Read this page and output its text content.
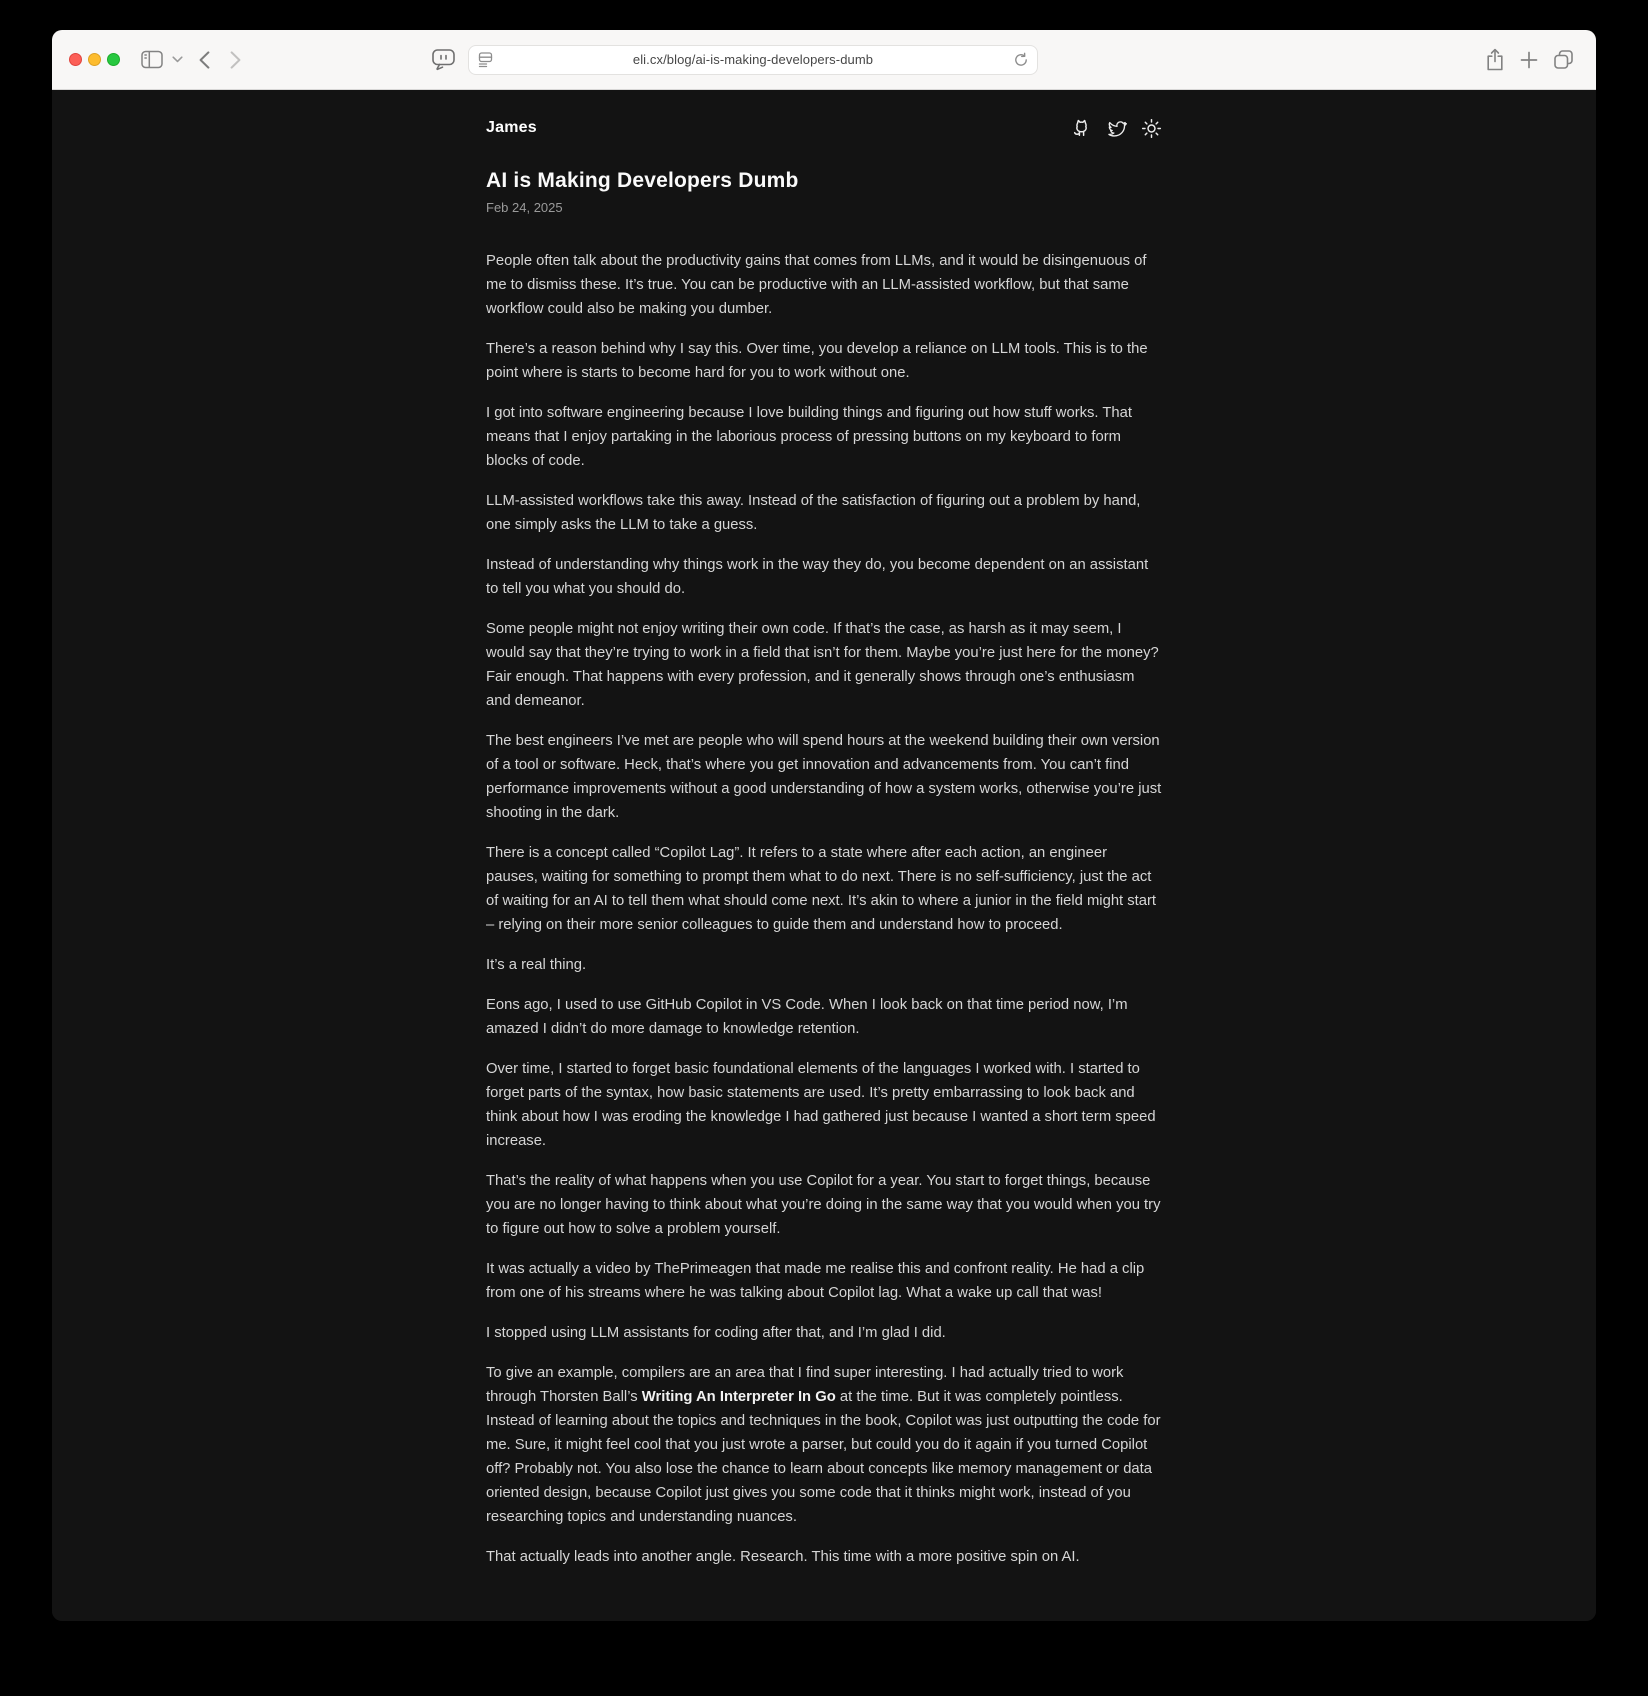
eli.cx/blog/ai-is-making-developers-dumb
James
AI is Making Developers Dumb
Feb 24, 2025

People often talk about the productivity gains that comes from LLMs, and it would be disingenuous of me to dismiss these. It’s true. You can be productive with an LLM-assisted workflow, but that same workflow could also be making you dumber.

There’s a reason behind why I say this. Over time, you develop a reliance on LLM tools. This is to the point where is starts to become hard for you to work without one.

I got into software engineering because I love building things and figuring out how stuff works. That means that I enjoy partaking in the laborious process of pressing buttons on my keyboard to form blocks of code.

LLM-assisted workflows take this away. Instead of the satisfaction of figuring out a problem by hand, one simply asks the LLM to take a guess.

Instead of understanding why things work in the way they do, you become dependent on an assistant to tell you what you should do.

Some people might not enjoy writing their own code. If that’s the case, as harsh as it may seem, I would say that they’re trying to work in a field that isn’t for them. Maybe you’re just here for the money? Fair enough. That happens with every profession, and it generally shows through one’s enthusiasm and demeanor.

The best engineers I’ve met are people who will spend hours at the weekend building their own version of a tool or software. Heck, that’s where you get innovation and advancements from. You can’t find performance improvements without a good understanding of how a system works, otherwise you’re just shooting in the dark.

There is a concept called “Copilot Lag”. It refers to a state where after each action, an engineer pauses, waiting for something to prompt them what to do next. There is no self-sufficiency, just the act of waiting for an AI to tell them what should come next. It’s akin to where a junior in the field might start – relying on their more senior colleagues to guide them and understand how to proceed.

It’s a real thing.

Eons ago, I used to use GitHub Copilot in VS Code. When I look back on that time period now, I’m amazed I didn’t do more damage to knowledge retention.

Over time, I started to forget basic foundational elements of the languages I worked with. I started to forget parts of the syntax, how basic statements are used. It’s pretty embarrassing to look back and think about how I was eroding the knowledge I had gathered just because I wanted a short term speed increase.

That’s the reality of what happens when you use Copilot for a year. You start to forget things, because you are no longer having to think about what you’re doing in the same way that you would when you try to figure out how to solve a problem yourself.

It was actually a video by ThePrimeagen that made me realise this and confront reality. He had a clip from one of his streams where he was talking about Copilot lag. What a wake up call that was!

I stopped using LLM assistants for coding after that, and I’m glad I did.

To give an example, compilers are an area that I find super interesting. I had actually tried to work through Thorsten Ball’s Writing An Interpreter In Go at the time. But it was completely pointless. Instead of learning about the topics and techniques in the book, Copilot was just outputting the code for me. Sure, it might feel cool that you just wrote a parser, but could you do it again if you turned Copilot off? Probably not. You also lose the chance to learn about concepts like memory management or data oriented design, because Copilot just gives you some code that it thinks might work, instead of you researching topics and understanding nuances.

That actually leads into another angle. Research. This time with a more positive spin on AI.
